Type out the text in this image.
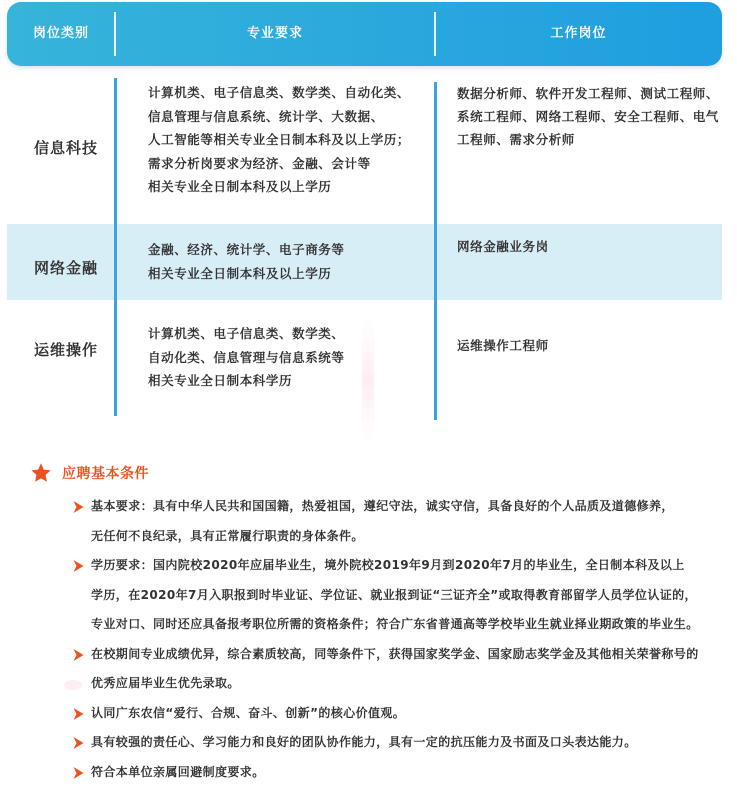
岗位类别	专业要求	工作岗位
信息科技
计算机类、电子信息类、数学类、自动化类、
信息管理与信息系统、统计学、大数据、
人工智能等相关专业全日制本科及以上学历；
需求分析岗要求为经济、金融、会计等
相关专业全日制本科及以上学历
数据分析师、软件开发工程师、测试工程师、
系统工程师、网络工程师、安全工程师、电气
工程师、需求分析师
网络金融
金融、经济、统计学、电子商务等
相关专业全日制本科及以上学历
网络金融业务岗
运维操作
计算机类、电子信息类、数学类、
自动化类、信息管理与信息系统等
相关专业全日制本科学历
运维操作工程师
应聘基本条件
基本要求：具有中华人民共和国国籍，热爱祖国，遵纪守法，诚实守信，具备良好的个人品质及道德修养，
无任何不良纪录，具有正常履行职责的身体条件。
学历要求：国内院校2020年应届毕业生，境外院校2019年9月到2020年7月的毕业生，全日制本科及以上
学历，在2020年7月入职报到时毕业证、学位证、就业报到证“三证齐全”或取得教育部留学人员学位认证的，
专业对口、同时还应具备报考职位所需的资格条件；符合广东省普通高等学校毕业生就业择业期政策的毕业生。
在校期间专业成绩优异，综合素质较高，同等条件下，获得国家奖学金、国家励志奖学金及其他相关荣誉称号的
优秀应届毕业生优先录取。
认同广东农信“爱行、合规、奋斗、创新”的核心价值观。
具有较强的责任心、学习能力和良好的团队协作能力，具有一定的抗压能力及书面及口头表达能力。
符合本单位亲属回避制度要求。
